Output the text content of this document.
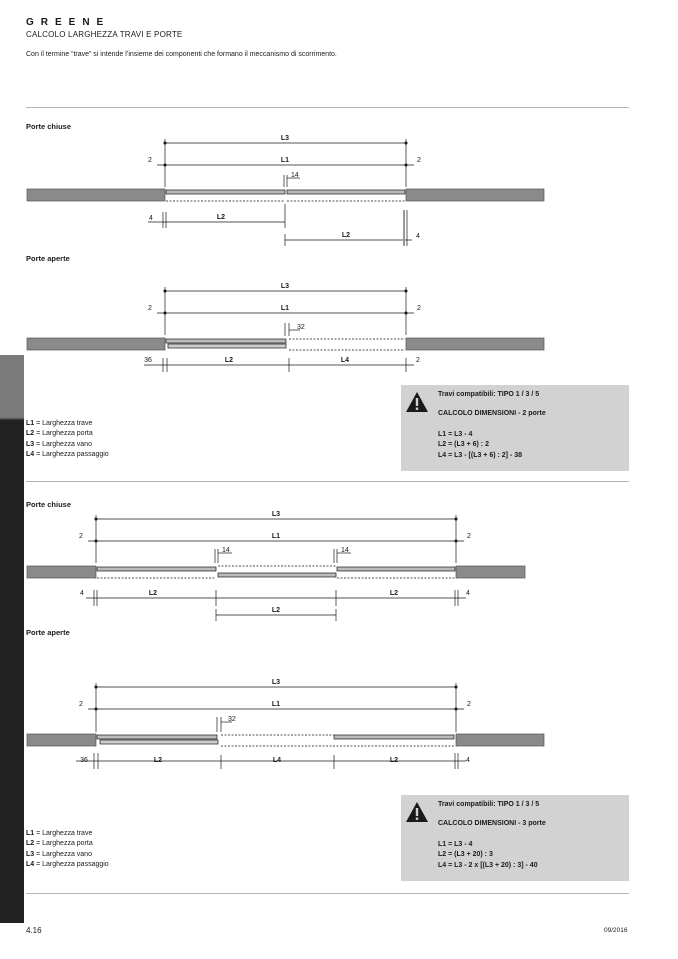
GREENE
CALCOLO LARGHEZZA TRAVI E PORTE
Con il termine “trave” si intende l’insieme dei componenti che formano il meccanismo di scorrimento.
Porte chiuse
Porte aperte
Porte chiuse
Porte aperte
L3
L1
2	2
14
4	L2
L2	4
L3
L1
2	2
32
36	L2	L4	2
L3
L1
2	2
14	14
4	L2	L2	4
L2
L3
L1
2	2
32
36	L2	L4	L2	4
L1 = Larghezza trave
L2 = Larghezza porta
L3 = Larghezza vano
L4 = Larghezza passaggio
Travi compatibili: TIPO 1 / 3 / 5
CALCOLO DIMENSIONI - 2 porte
L1 = L3 - 4
L2 = (L3 + 6) : 2
L4 = L3 - [(L3 + 6) : 2] - 38
L1 = Larghezza trave
L2 = Larghezza porta
L3 = Larghezza vano
L4 = Larghezza passaggio
Travi compatibili: TIPO 1 / 3 / 5
CALCOLO DIMENSIONI - 3 porte
L1 = L3 - 4
L2 = (L3 + 20) : 3
L4 = L3 - 2 x [(L3 + 20) : 3] - 40
4.16	09/2016
